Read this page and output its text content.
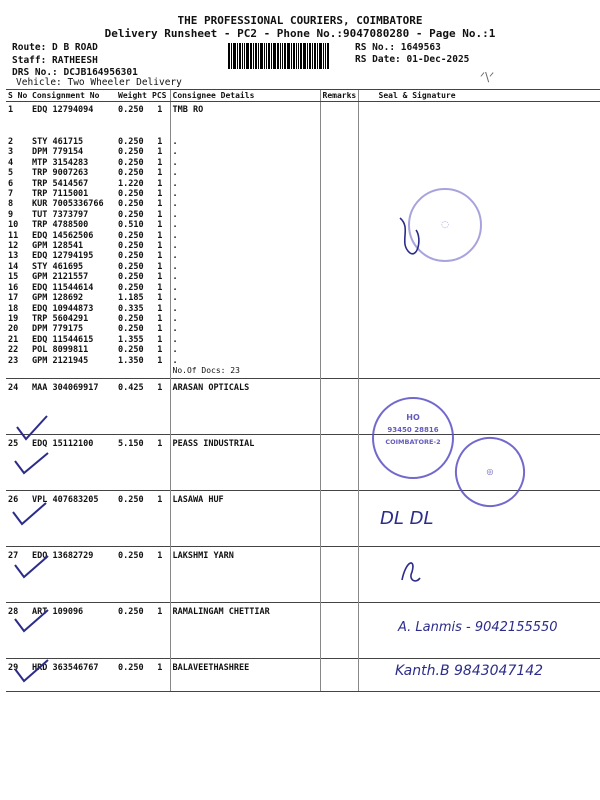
THE PROFESSIONAL COURIERS, COIMBATORE
Delivery Runsheet - PC2 - Phone No.:9047080280 - Page No.:1
Route: D B ROAD
Staff: RATHEESH
DRS No.: DCJB164956301
Vehicle: Two Wheeler Delivery
RS No.: 1649563
RS Date: 01-Dec-2025
ᐟ\ᐟ
S No	Consignment No	Weight	PCS	Consignee Details	Remarks	Seal & Signature
1	EDQ 12794094	0.250	1	TMB RO		

2	STY 461715	0.250	1	.		
3	DPM 779154	0.250	1	.		
4	MTP 3154283	0.250	1	.		
5	TRP 9007263	0.250	1	.		
6	TRP 5414567	1.220	1	.		
7	TRP 7115001	0.250	1	.		
8	KUR 7005336766	0.250	1	.		
9	TUT 7373797	0.250	1	.		
10	TRP 4788500	0.510	1	.		
11	EDQ 14562506	0.250	1	.		
12	GPM 128541	0.250	1	.		
13	EDQ 12794195	0.250	1	.		
14	STY 461695	0.250	1	.		
15	GPM 2121557	0.250	1	.		
16	EDQ 11544614	0.250	1	.		
17	GPM 128692	1.185	1	.		
18	EDQ 10944873	0.335	1	.		
19	TRP 5604291	0.250	1	.		
20	DPM 779175	0.250	1	.		
21	EDQ 11544615	1.355	1	.		
22	POL 8099811	0.250	1	.		
23	GPM 2121945	1.350	1	.		
				No.Of Docs: 23		
24	MAA 304069917	0.425	1	ARASAN OPTICALS		
25	EDQ 15112100	5.150	1	PEASS INDUSTRIAL		
26	VPL 407683205	0.250	1	LASAWA HUF		
27	EDQ 13682729	0.250	1	LAKSHMI YARN		
28	ART 109096	0.250	1	RAMALINGAM CHETTIAR		
29	HRD 363546767	0.250	1	BALAVEETHASHREE		
◌
HO
93450 28816
COIMBATORE-2
◎
DL DL
A. Lanmis - 9042155550
Kanth.B 9843047142
